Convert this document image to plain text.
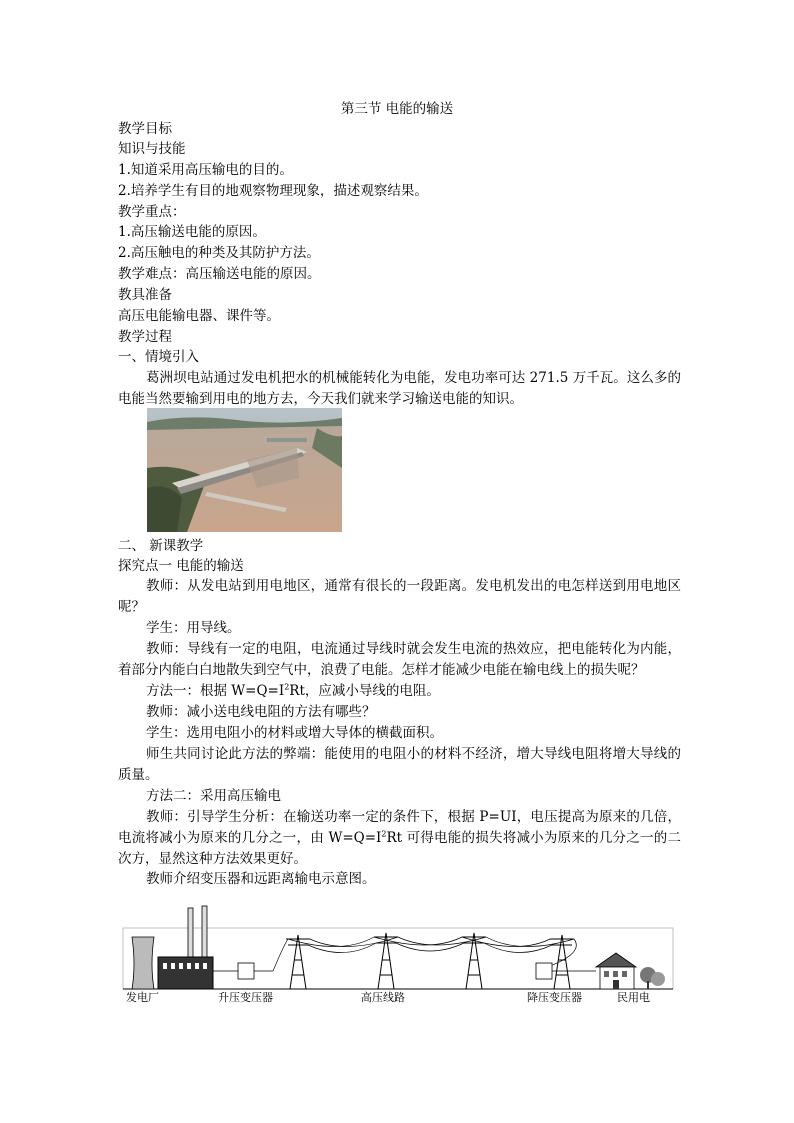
第三节 电能的输送
教学目标
知识与技能
1.知道采用高压输电的目的。
2.培养学生有目的地观察物理现象，描述观察结果。
教学重点：
1.高压输送电能的原因。
2.高压触电的种类及其防护方法。
教学难点：高压输送电能的原因。
教具准备
高压电能输电器、课件等。
教学过程
一、情境引入
葛洲坝电站通过发电机把水的机械能转化为电能，发电功率可达 271.5 万千瓦。这么多的电能当然要输到用电的地方去，今天我们就来学习输送电能的知识。
二、 新课教学
探究点一 电能的输送
教师：从发电站到用电地区，通常有很长的一段距离。发电机发出的电怎样送到用电地区呢？
学生：用导线。
教师：导线有一定的电阻，电流通过导线时就会发生电流的热效应，把电能转化为内能，着部分内能白白地散失到空气中，浪费了电能。怎样才能减少电能在输电线上的损失呢？
方法一：根据 $W=Q=I^2Rt$，应减小导线的电阻。
教师：减小送电线电阻的方法有哪些？
学生：选用电阻小的材料或增大导体的横截面积。
师生共同讨论此方法的弊端：能使用的电阻小的材料不经济，增大导线电阻将增大导线的质量。
方法二：采用高压输电
教师：引导学生分析：在输送功率一定的条件下，根据 P=UI，电压提高为原来的几倍，电流将减小为原来的几分之一，由 $W=Q=I^2Rt$ 可得电能的损失将减小为原来的几分之一的二次方，显然这种方法效果更好。
教师介绍变压器和远距离输电示意图。
发电厂	升压变压器	高压线路	降压变压器	民用电
